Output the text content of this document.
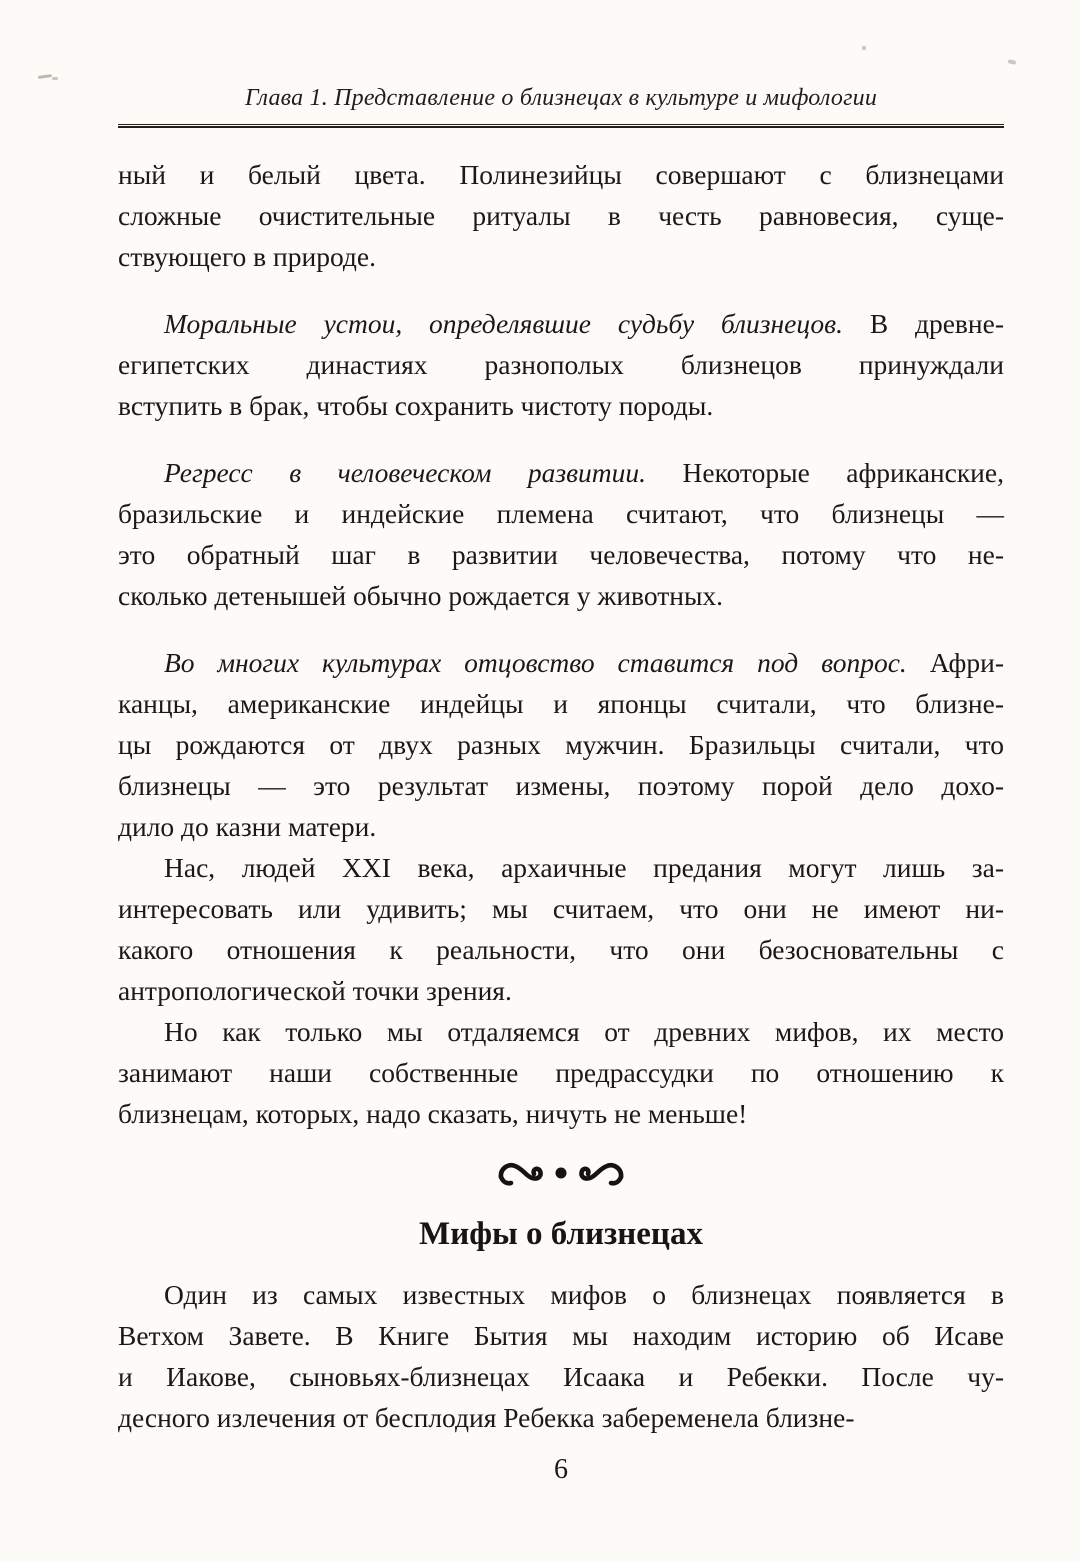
Глава 1. Представление о близнецах в культуре и мифологии
ный и белый цвета. Полинезийцы совершают с близнецами
сложные очистительные ритуалы в честь равновесия, суще-
ствующего в природе.
Моральные устои, определявшие судьбу близнецов. В древне-
египетских династиях разнополых близнецов принуждали
вступить в брак, чтобы сохранить чистоту породы.
Регресс в человеческом развитии. Некоторые африканские,
бразильские и индейские племена считают, что близнецы —
это обратный шаг в развитии человечества, потому что не-
сколько детенышей обычно рождается у животных.
Во многих культурах отцовство ставится под вопрос. Афри-
канцы, американские индейцы и японцы считали, что близне-
цы рождаются от двух разных мужчин. Бразильцы считали, что
близнецы — это результат измены, поэтому порой дело дохо-
дило до казни матери.
Нас, людей XXI века, архаичные предания могут лишь за-
интересовать или удивить; мы считаем, что они не имеют ни-
какого отношения к реальности, что они безосновательны с
антропологической точки зрения.
Но как только мы отдаляемся от древних мифов, их место
занимают наши собственные предрассудки по отношению к
близнецам, которых, надо сказать, ничуть не меньше!
Мифы о близнецах
Один из самых известных мифов о близнецах появляется в
Ветхом Завете. В Книге Бытия мы находим историю об Исаве
и Иакове, сыновьях-близнецах Исаака и Ребекки. После чу-
десного излечения от бесплодия Ребекка забеременела близне-
6
